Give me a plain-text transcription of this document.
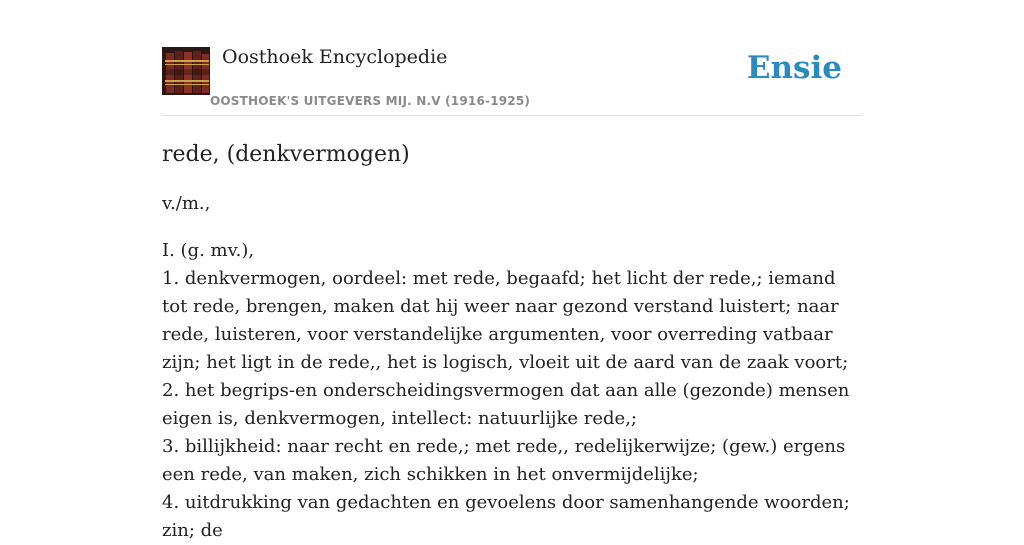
Oosthoek Encyclopedie
OOSTHOEK'S UITGEVERS MIJ. N.V (1916-1925)
Ensie
rede, (denkvermogen)

v./m.,

I. (g. mv.),
1. denkvermogen, oordeel: met rede, begaafd; het licht der rede,; iemand tot rede, brengen, maken dat hij weer naar gezond verstand luistert; naar rede, luisteren, voor verstandelijke argumenten, voor overreding vatbaar zijn; het ligt in de rede,, het is logisch, vloeit uit de aard van de zaak voort;
2. het begrips-en onderscheidingsvermogen dat aan alle (gezonde) mensen eigen is, denkvermogen, intellect: natuurlijke rede,;
3. billijkheid: naar recht en rede,; met rede,, redelijkerwijze; (gew.) ergens een rede, van maken, zich schikken in het onvermijdelijke;
4. uitdrukking van gedachten en gevoelens door samenhangende woorden; zin; de
